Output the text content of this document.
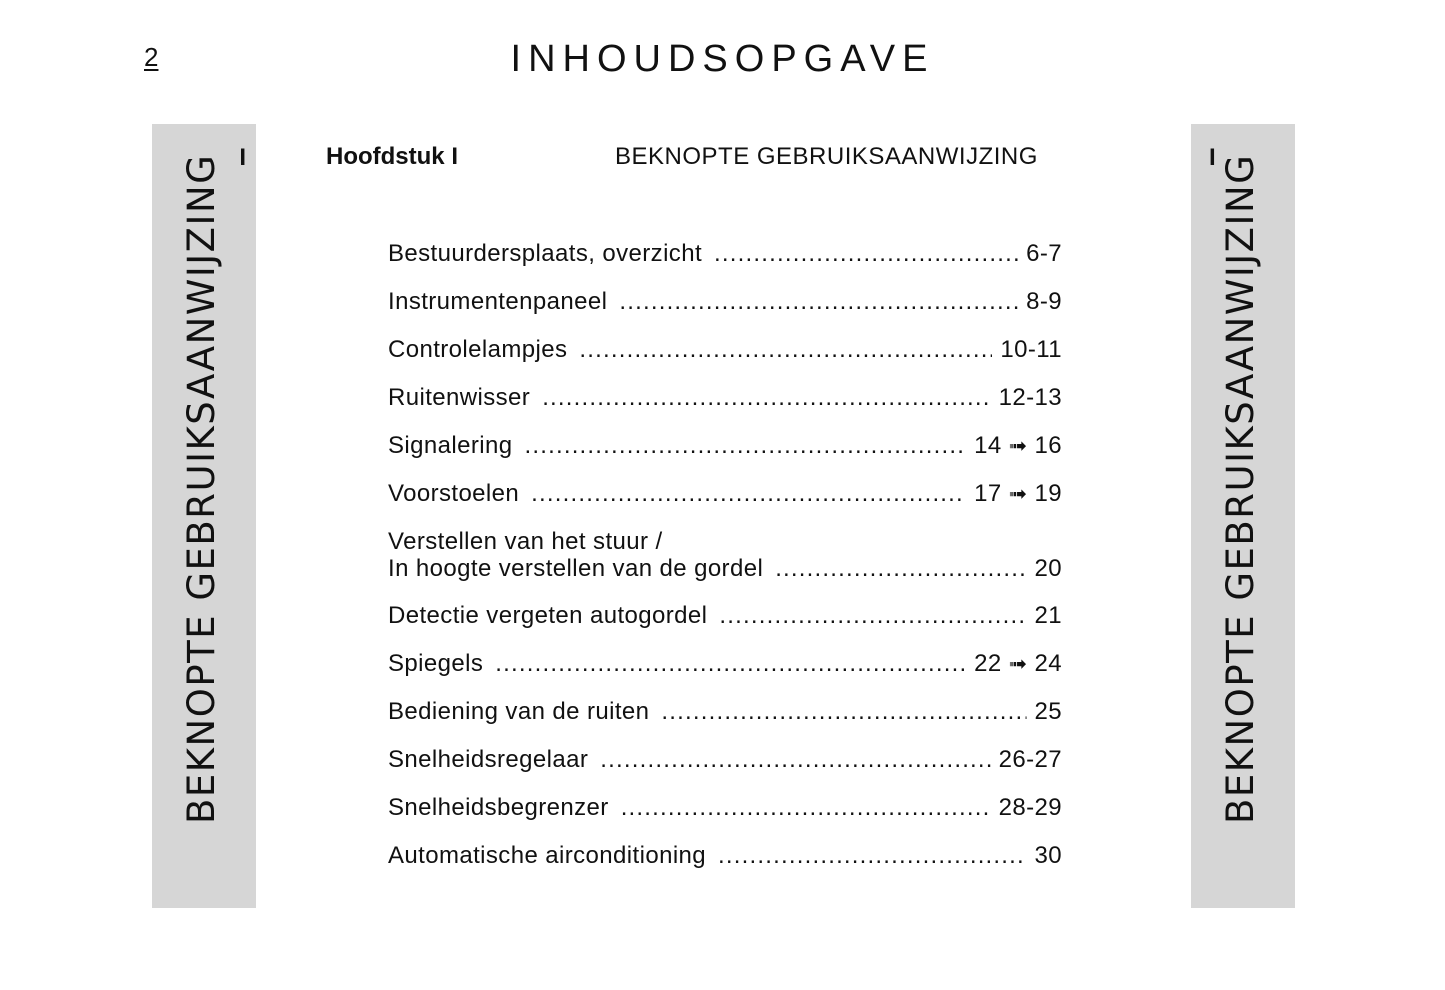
2	INHOUDSOPGAVE
I
BEKNOPTE GEBRUIKSAANWIJZING	I BEKNOPTE GEBRUIKSAANWIJZING
Hoofdstuk I	BEKNOPTE GEBRUIKSAANWIJZING
Bestuurdersplaats, overzicht .....	6-7
Instrumentenpaneel .....	8-9
Controlelampjes .....	10-11
Ruitenwisser .....	12-13
Signalering .....	14 ➟ 16
Voorstoelen .....	17 ➟ 19
Verstellen van het stuur /
In hoogte verstellen van de gordel .....	20
Detectie vergeten autogordel .....	21
Spiegels .....	22 ➟ 24
Bediening van de ruiten .....	25
Snelheidsregelaar .....	26-27
Snelheidsbegrenzer .....	28-29
Automatische airconditioning .....	30
